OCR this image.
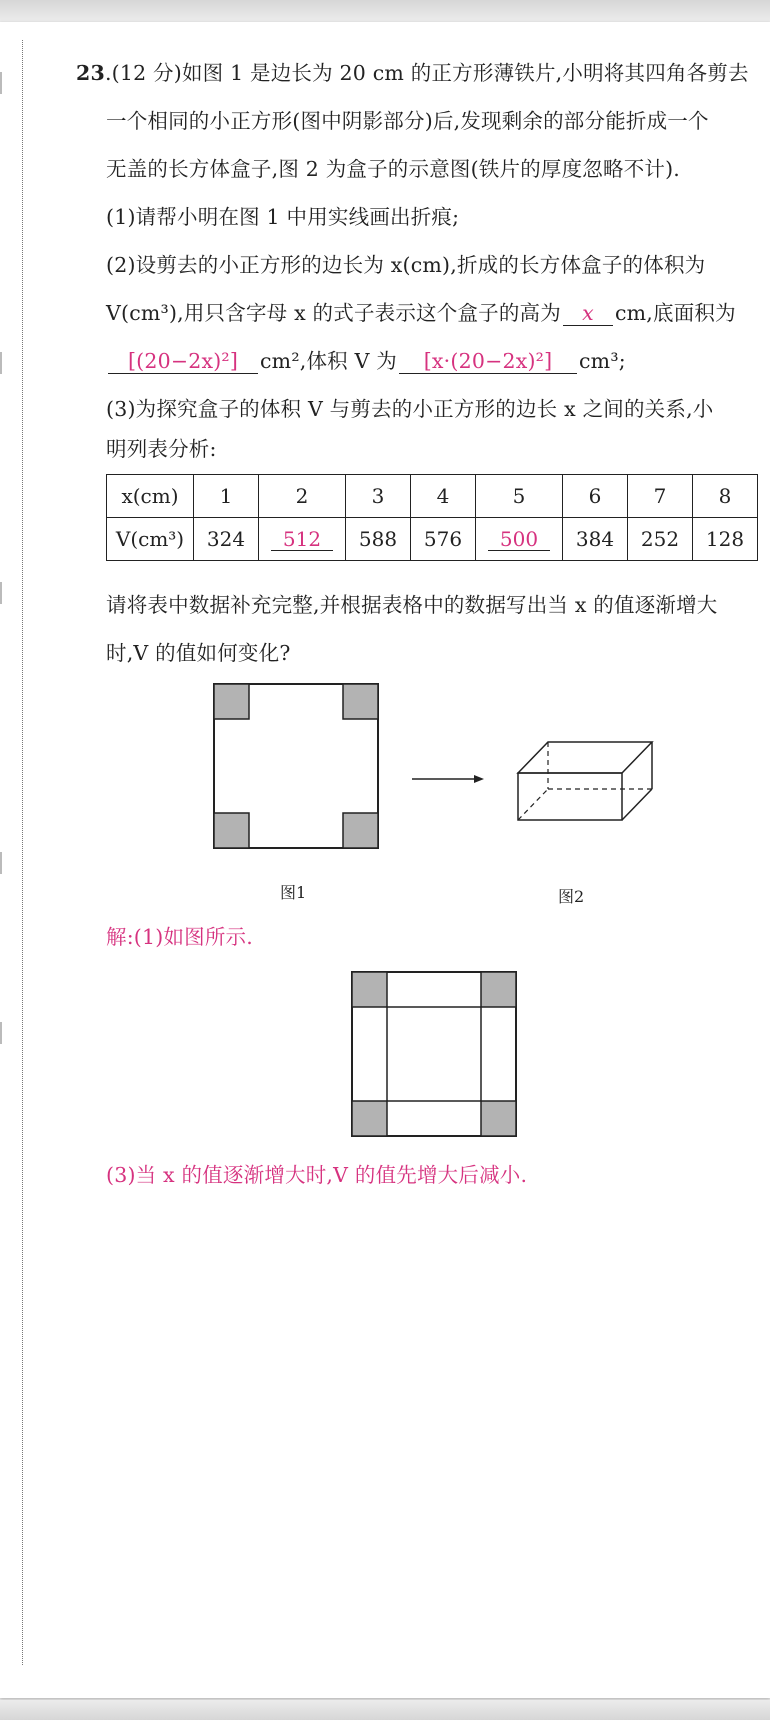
23.(12 分)如图 1 是边长为 20 cm 的正方形薄铁片,小明将其四角各剪去
一个相同的小正方形(图中阴影部分)后,发现剩余的部分能折成一个
无盖的长方体盒子,图 2 为盒子的示意图(铁片的厚度忽略不计).
(1)请帮小明在图 1 中用实线画出折痕;
(2)设剪去的小正方形的边长为 x(cm),折成的长方体盒子的体积为
V(cm³),用只含字母 x 的式子表示这个盒子的高为 x cm,底面积为
[(20−2x)²] cm²,体积 V 为 [x·(20−2x)²] cm³;
(3)为探究盒子的体积 V 与剪去的小正方形的边长 x 之间的关系,小
明列表分析:
x(cm)	1	2	3	4	5	6	7	8
V(cm³)	324	512	588	576	500	384	252	128
请将表中数据补充完整,并根据表格中的数据写出当 x 的值逐渐增大
时,V 的值如何变化?
图1	图2
解:(1)如图所示.
(3)当 x 的值逐渐增大时,V 的值先增大后减小.
